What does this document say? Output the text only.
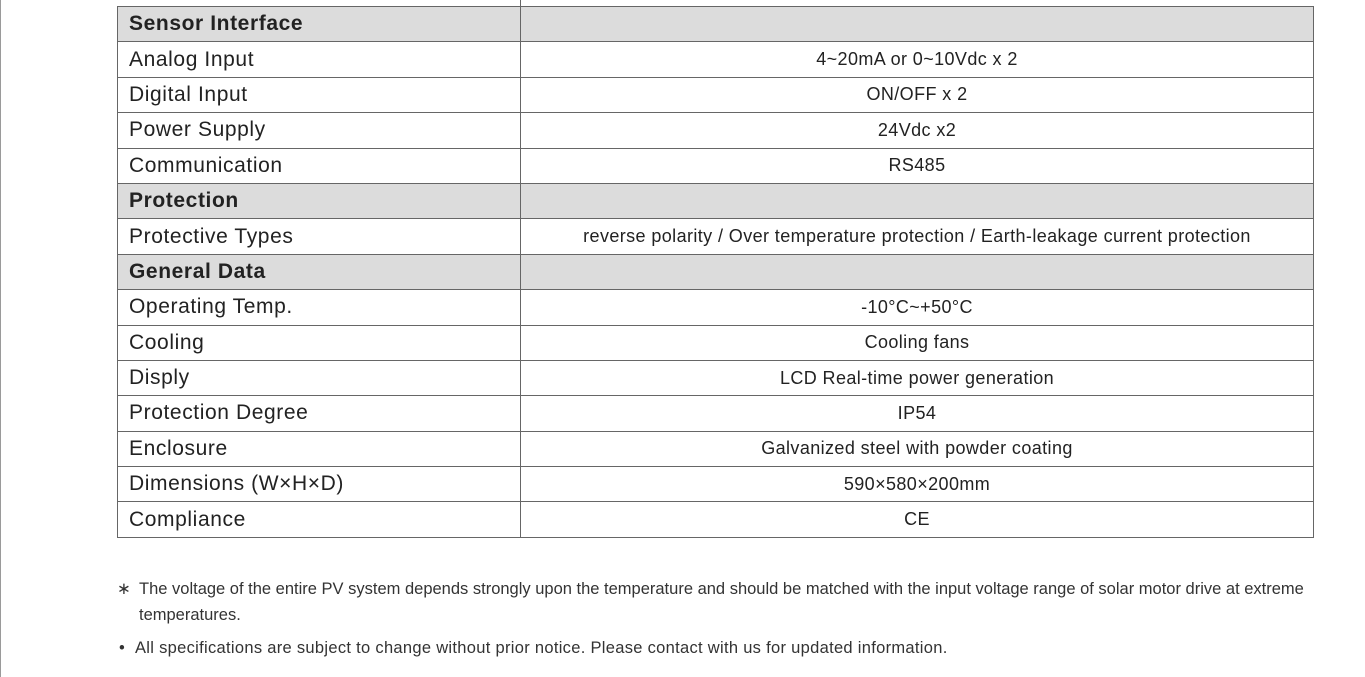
Sensor Interface	
Analog Input	4~20mA or 0~10Vdc x 2
Digital Input	ON/OFF x 2
Power Supply	24Vdc x2
Communication	RS485
Protection	
Protective Types	reverse polarity / Over temperature protection / Earth-leakage current protection
General Data	
Operating Temp.	-10°C~+50°C
Cooling	Cooling fans
Disply	LCD Real-time power generation
Protection Degree	IP54
Enclosure	Galvanized steel with powder coating
Dimensions (W×H×D)	590×580×200mm
Compliance	CE
∗ The voltage of the entire PV system depends strongly upon the temperature and should be matched with the input voltage range of solar motor drive at extreme temperatures.
• All specifications are subject to change without prior notice. Please contact with us for updated information.
